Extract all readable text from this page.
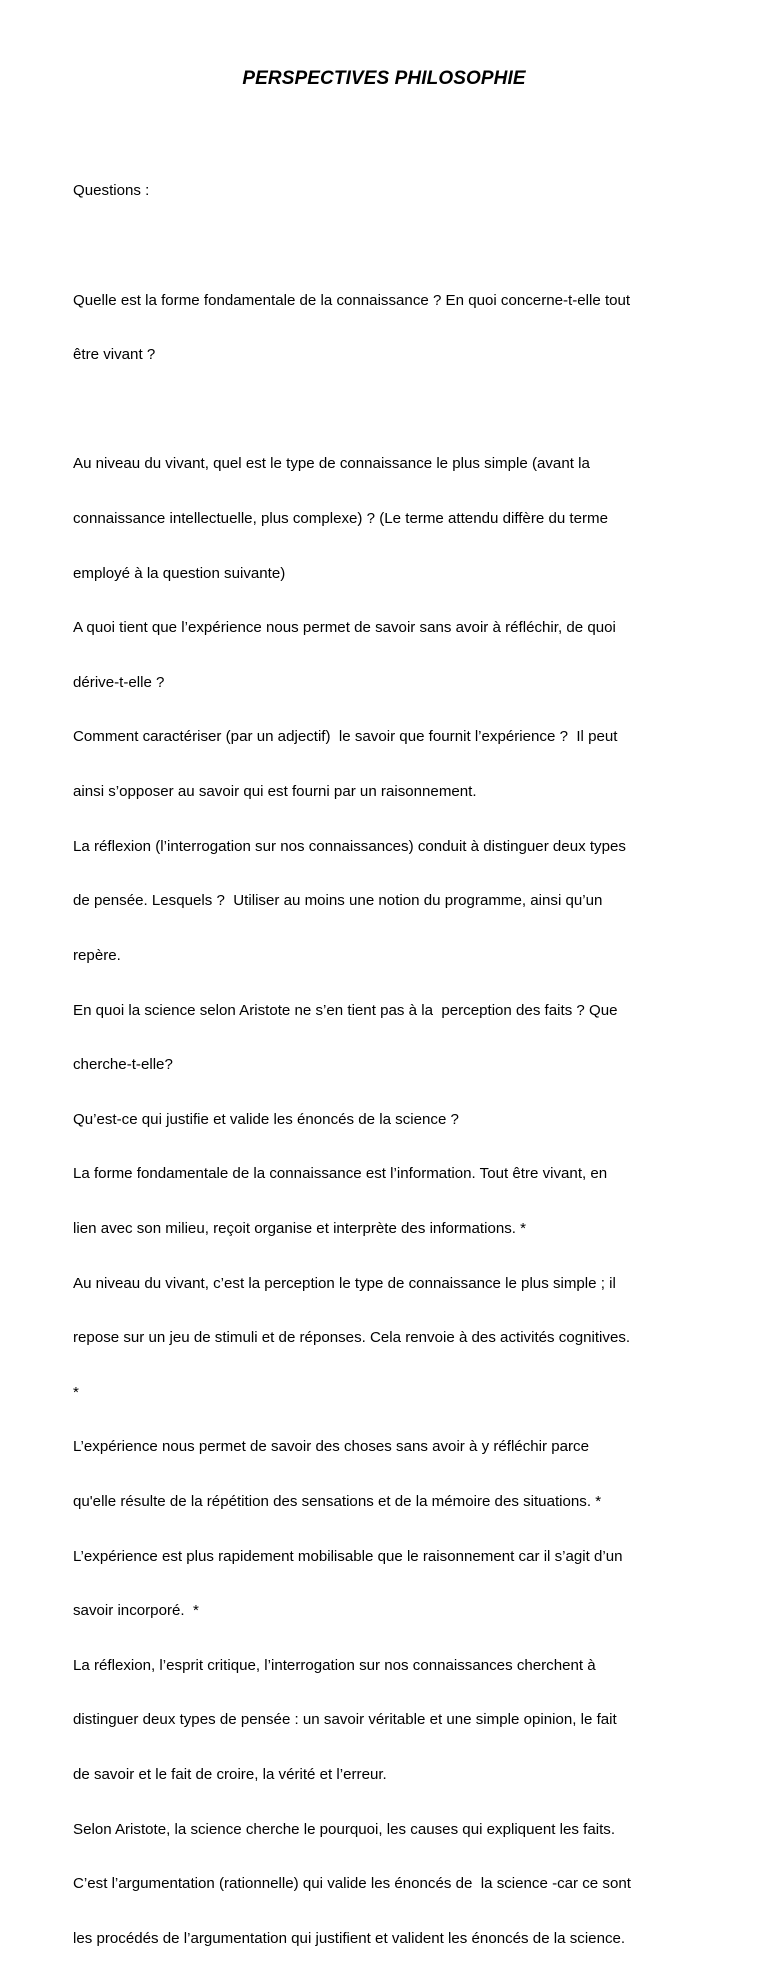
PERSPECTIVES PHILOSOPHIE

Questions :

Quelle est la forme fondamentale de la connaissance ? En quoi concerne-t-elle tout

être vivant ?

Au niveau du vivant, quel est le type de connaissance le plus simple (avant la

connaissance intellectuelle, plus complexe) ? (Le terme attendu diffère du terme

employé à la question suivante)

A quoi tient que l’expérience nous permet de savoir sans avoir à réfléchir, de quoi

dérive-t-elle ?

Comment caractériser (par un adjectif)  le savoir que fournit l’expérience ?  Il peut

ainsi s’opposer au savoir qui est fourni par un raisonnement.

La réflexion (l’interrogation sur nos connaissances) conduit à distinguer deux types

de pensée. Lesquels ?  Utiliser au moins une notion du programme, ainsi qu’un

repère.

En quoi la science selon Aristote ne s’en tient pas à la  perception des faits ? Que

cherche-t-elle?

Qu’est-ce qui justifie et valide les énoncés de la science ?

La forme fondamentale de la connaissance est l’information. Tout être vivant, en

lien avec son milieu, reçoit organise et interprète des informations. *

Au niveau du vivant, c’est la perception le type de connaissance le plus simple ; il

repose sur un jeu de stimuli et de réponses. Cela renvoie à des activités cognitives.

*

L’expérience nous permet de savoir des choses sans avoir à y réfléchir parce

qu'elle résulte de la répétition des sensations et de la mémoire des situations. *

L’expérience est plus rapidement mobilisable que le raisonnement car il s’agit d’un

savoir incorporé.  *

La réflexion, l’esprit critique, l’interrogation sur nos connaissances cherchent à

distinguer deux types de pensée : un savoir véritable et une simple opinion, le fait

de savoir et le fait de croire, la vérité et l’erreur.

Selon Aristote, la science cherche le pourquoi, les causes qui expliquent les faits.

C’est l’argumentation (rationnelle) qui valide les énoncés de  la science -car ce sont

les procédés de l’argumentation qui justifient et valident les énoncés de la science.
